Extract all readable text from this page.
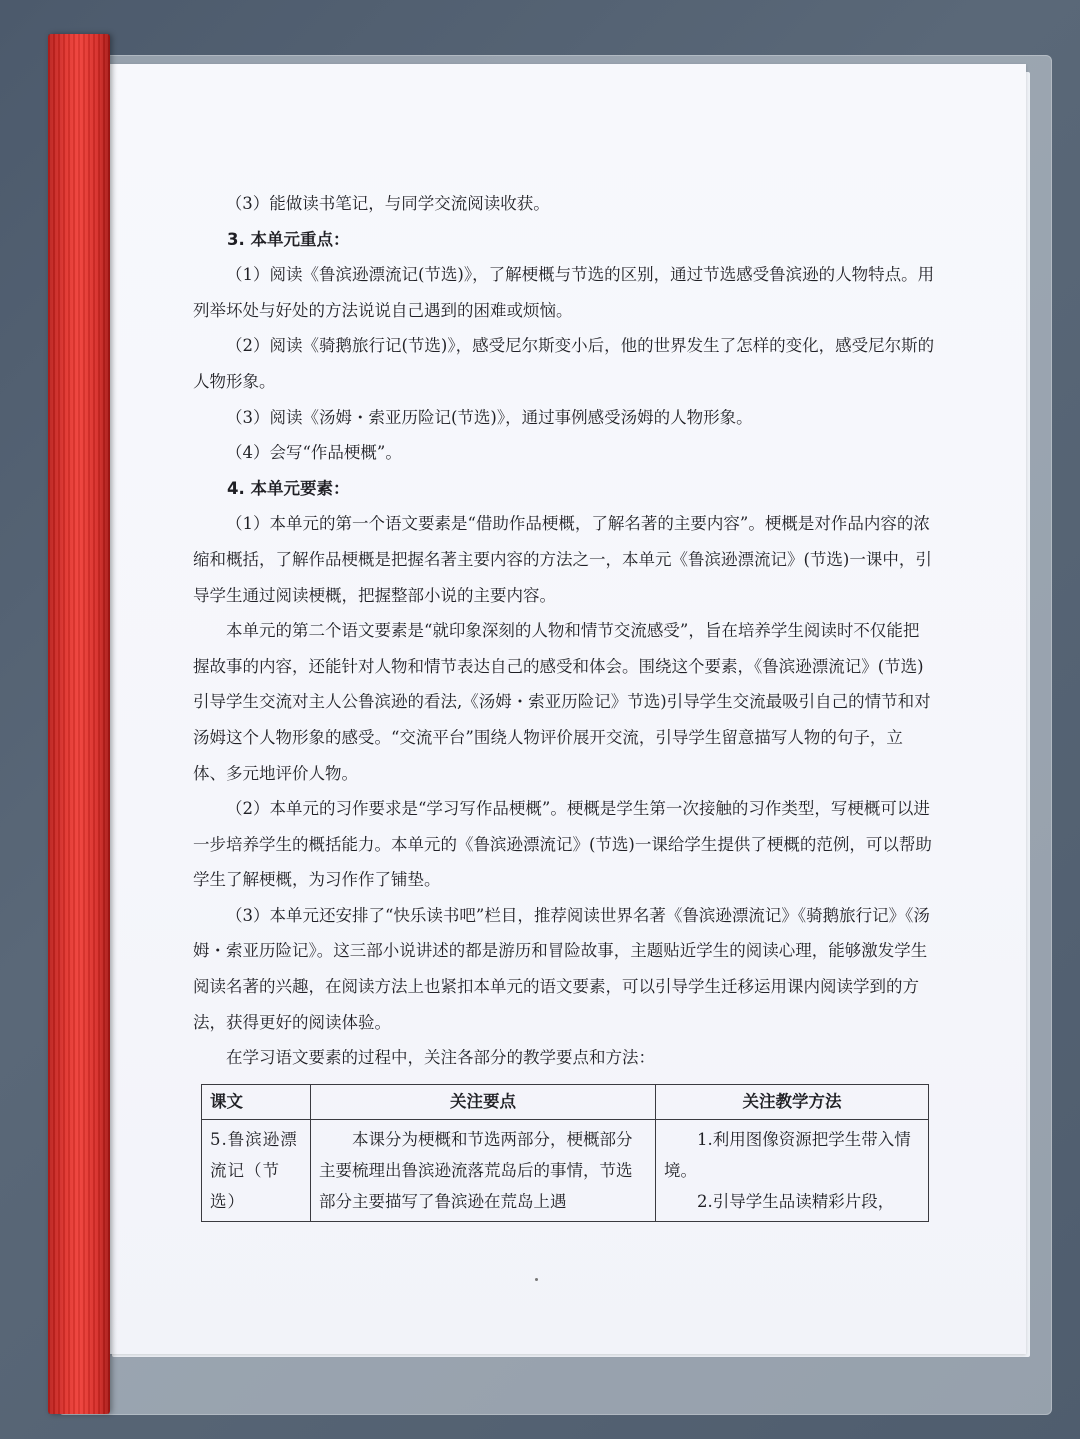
（3）能做读书笔记，与同学交流阅读收获。

3. 本单元重点：

（1）阅读《鲁滨逊漂流记(节选)》，了解梗概与节选的区别，通过节选感受鲁滨逊的人物特点。用列举坏处与好处的方法说说自己遇到的困难或烦恼。

（2）阅读《骑鹅旅行记(节选)》，感受尼尔斯变小后，他的世界发生了怎样的变化，感受尼尔斯的人物形象。

（3）阅读《汤姆・索亚历险记(节选)》，通过事例感受汤姆的人物形象。

（4）会写“作品梗概”。

4. 本单元要素：

（1）本单元的第一个语文要素是“借助作品梗概，了解名著的主要内容”。梗概是对作品内容的浓缩和概括，了解作品梗概是把握名著主要内容的方法之一，本单元《鲁滨逊漂流记》(节选)一课中，引导学生通过阅读梗概，把握整部小说的主要内容。

本单元的第二个语文要素是“就印象深刻的人物和情节交流感受”，旨在培养学生阅读时不仅能把握故事的内容，还能针对人物和情节表达自己的感受和体会。围绕这个要素，《鲁滨逊漂流记》(节选)引导学生交流对主人公鲁滨逊的看法,《汤姆・索亚历险记》节选)引导学生交流最吸引自己的情节和对汤姆这个人物形象的感受。“交流平台”围绕人物评价展开交流，引导学生留意描写人物的句子，立体、多元地评价人物。

（2）本单元的习作要求是“学习写作品梗概”。梗概是学生第一次接触的习作类型，写梗概可以进一步培养学生的概括能力。本单元的《鲁滨逊漂流记》(节选)一课给学生提供了梗概的范例，可以帮助学生了解梗概，为习作作了铺垫。

（3）本单元还安排了“快乐读书吧”栏目，推荐阅读世界名著《鲁滨逊漂流记》《骑鹅旅行记》《汤姆・索亚历险记》。这三部小说讲述的都是游历和冒险故事，主题贴近学生的阅读心理，能够激发学生阅读名著的兴趣，在阅读方法上也紧扣本单元的语文要素，可以引导学生迁移运用课内阅读学到的方法，获得更好的阅读体验。

在学习语文要素的过程中，关注各部分的教学要点和方法：

课文	关注要点	关注教学方法
5.鲁滨逊漂流记（节选）	本课分为梗概和节选两部分，梗概部分主要梳理出鲁滨逊流落荒岛后的事情，节选部分主要描写了鲁滨逊在荒岛上遇	1.利用图像资源把学生带入情境。
2.引导学生品读精彩片段，
